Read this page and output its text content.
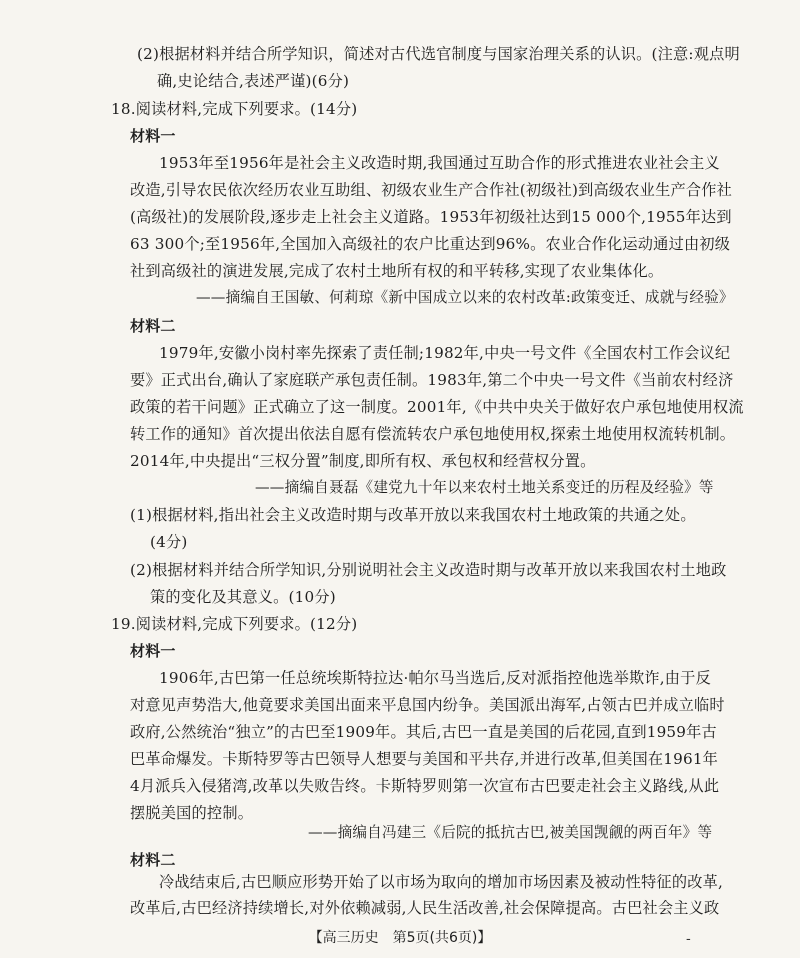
(2)根据材料并结合所学知识，简述对古代选官制度与国家治理关系的认识。(注意:观点明
确,史论结合,表述严谨)(6分)
18.阅读材料,完成下列要求。(14分)
材料一
1953年至1956年是社会主义改造时期,我国通过互助合作的形式推进农业社会主义
改造,引导农民依次经历农业互助组、初级农业生产合作社(初级社)到高级农业生产合作社
(高级社)的发展阶段,逐步走上社会主义道路。1953年初级社达到15 000个,1955年达到
63 300个;至1956年,全国加入高级社的农户比重达到96%。农业合作化运动通过由初级
社到高级社的演进发展,完成了农村土地所有权的和平转移,实现了农业集体化。
——摘编自王国敏、何莉琼《新中国成立以来的农村改革:政策变迁、成就与经验》
材料二
1979年,安徽小岗村率先探索了责任制;1982年,中央一号文件《全国农村工作会议纪
要》正式出台,确认了家庭联产承包责任制。1983年,第二个中央一号文件《当前农村经济
政策的若干问题》正式确立了这一制度。2001年,《中共中央关于做好农户承包地使用权流
转工作的通知》首次提出依法自愿有偿流转农户承包地使用权,探索土地使用权流转机制。
2014年,中央提出“三权分置”制度,即所有权、承包权和经营权分置。
——摘编自聂磊《建党九十年以来农村土地关系变迁的历程及经验》等
(1)根据材料,指出社会主义改造时期与改革开放以来我国农村土地政策的共通之处。
(4分)
(2)根据材料并结合所学知识,分别说明社会主义改造时期与改革开放以来我国农村土地政
策的变化及其意义。(10分)
19.阅读材料,完成下列要求。(12分)
材料一
1906年,古巴第一任总统埃斯特拉达·帕尔马当选后,反对派指控他选举欺诈,由于反
对意见声势浩大,他竟要求美国出面来平息国内纷争。美国派出海军,占领古巴并成立临时
政府,公然统治“独立”的古巴至1909年。其后,古巴一直是美国的后花园,直到1959年古
巴革命爆发。卡斯特罗等古巴领导人想要与美国和平共存,并进行改革,但美国在1961年
4月派兵入侵猪湾,改革以失败告终。卡斯特罗则第一次宣布古巴要走社会主义路线,从此
摆脱美国的控制。
——摘编自冯建三《后院的抵抗古巴,被美国觊觎的两百年》等
材料二
冷战结束后,古巴顺应形势开始了以市场为取向的增加市场因素及被动性特征的改革,
改革后,古巴经济持续增长,对外依赖减弱,人民生活改善,社会保障提高。古巴社会主义政
【高三历史 第5页(共6页)】	-
